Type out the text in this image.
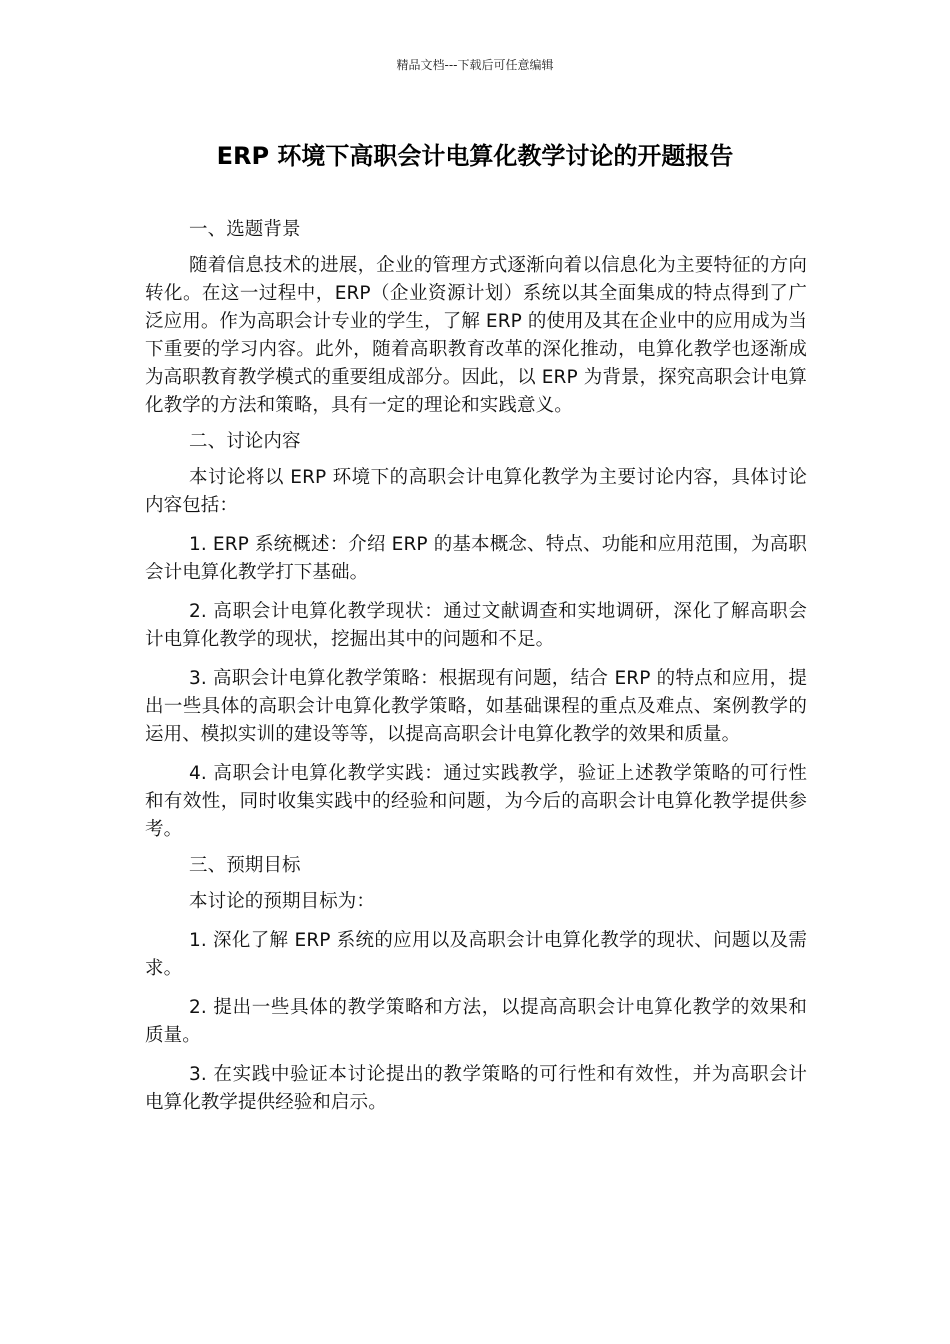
精品文档---下载后可任意编辑
ERP 环境下高职会计电算化教学讨论的开题报告

一、选题背景

随着信息技术的进展，企业的管理方式逐渐向着以信息化为主要特征的方向转化。在这一过程中，ERP（企业资源计划）系统以其全面集成的特点得到了广泛应用。作为高职会计专业的学生，了解 ERP 的使用及其在企业中的应用成为当下重要的学习内容。此外，随着高职教育改革的深化推动，电算化教学也逐渐成为高职教育教学模式的重要组成部分。因此，以 ERP 为背景，探究高职会计电算化教学的方法和策略，具有一定的理论和实践意义。

二、讨论内容

本讨论将以 ERP 环境下的高职会计电算化教学为主要讨论内容，具体讨论内容包括：

1. ERP 系统概述：介绍 ERP 的基本概念、特点、功能和应用范围，为高职会计电算化教学打下基础。

2. 高职会计电算化教学现状：通过文献调查和实地调研，深化了解高职会计电算化教学的现状，挖掘出其中的问题和不足。

3. 高职会计电算化教学策略：根据现有问题，结合 ERP 的特点和应用，提出一些具体的高职会计电算化教学策略，如基础课程的重点及难点、案例教学的运用、模拟实训的建设等等，以提高高职会计电算化教学的效果和质量。

4. 高职会计电算化教学实践：通过实践教学，验证上述教学策略的可行性和有效性，同时收集实践中的经验和问题，为今后的高职会计电算化教学提供参考。

三、预期目标

本讨论的预期目标为：

1. 深化了解 ERP 系统的应用以及高职会计电算化教学的现状、问题以及需求。

2. 提出一些具体的教学策略和方法，以提高高职会计电算化教学的效果和质量。

3. 在实践中验证本讨论提出的教学策略的可行性和有效性，并为高职会计电算化教学提供经验和启示。
